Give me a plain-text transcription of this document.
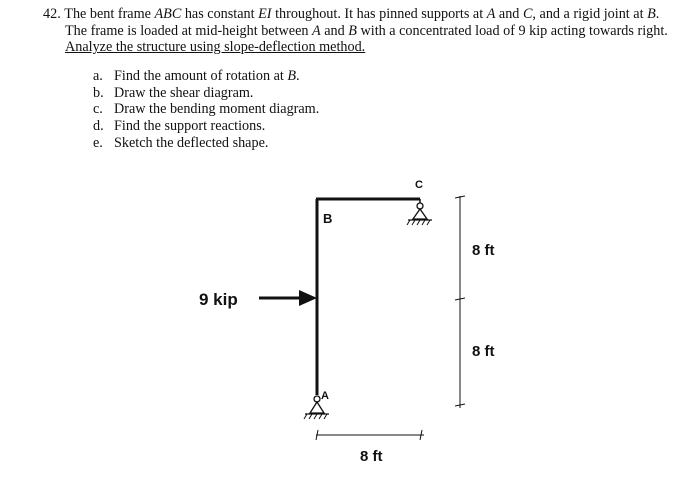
42. The bent frame ABC has constant EI throughout. It has pinned supports at A and C, and a rigid joint at B. The frame is loaded at mid-height between A and B with a concentrated load of 9 kip acting towards right. Analyze the structure using slope-deflection method.

a. Find the amount of rotation at B.
b. Draw the shear diagram.
c. Draw the bending moment diagram.
d. Find the support reactions.
e. Sketch the deflected shape.
B
C
A
9 kip
8 ft
8 ft
8 ft
